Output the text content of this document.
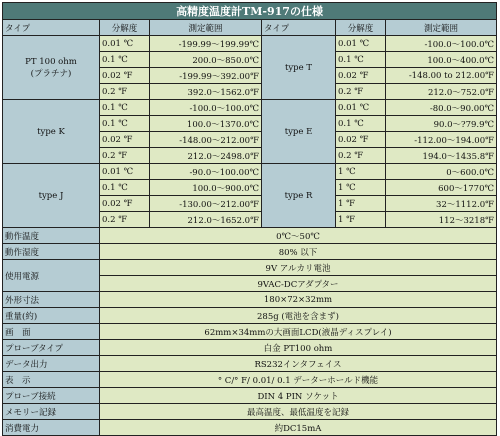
高精度温度計TM-917の仕様					
タイプ	分解度	測定範囲	タイプ	分解度	測定範囲

PT 100 ohm
(プラチナ)	0.01 ℃	-199.99～199.99℃	type T	0.01 ℃	-100.0～100.0℃
	0.1 ℃	200.0～850.0℃		0.1 ℃	100.0～400.0℃
	0.02 ℉	-199.99～392.00℉		0.02 ℉	-148.00 to 212.00℉
	0.2 ℉	392.0～1562.0℉		0.2 ℉	212.0～752.0℉

type K	0.1 ℃	-100.0～100.0℃	type E	0.01 ℃	-80.0～90.00℃
	0.1 ℃	100.0～1370.0℃		0.1 ℃	90.0～?79.9℃
	0.02 ℉	-148.00～212.00℉		0.02 ℉	-112.00～194.00℉
	0.2 ℉	212.0～2498.0℉		0.2 ℉	194.0～1435.8℉

type J	0.01 ℃	-90.0～100.00℃	type R	1 ℃	0～600.0℃
	0.1 ℃	100.0～900.0℃		1 ℃	600～1770℃
	0.02 ℉	-130.00～212.00℉		1 ℉	32～1112.0℉
	0.2 ℉	212.0～1652.0℉		1 ℉	112～3218℉
動作温度	0℃～50℃				
動作湿度	80% 以下				
使用電源	9V アルカリ電池				
	9VAC-DCアダプター				
外形寸法	180×72×32mm				
重量(約)	285g (電池を含まず)				
画　面	62mm×34mmの大画面LCD(液晶ディスプレイ)				
プローブタイプ	白金 PT100 ohm				
データ出力	RS232インタフェイス				
表　示	° C/° F/ 0.01/ 0.1 データーホールド機能				
プローブ接続	DIN 4 PIN ソケット				
メモリー記録	最高温度、最低温度を記録				
消費電力	約DC15mA				
